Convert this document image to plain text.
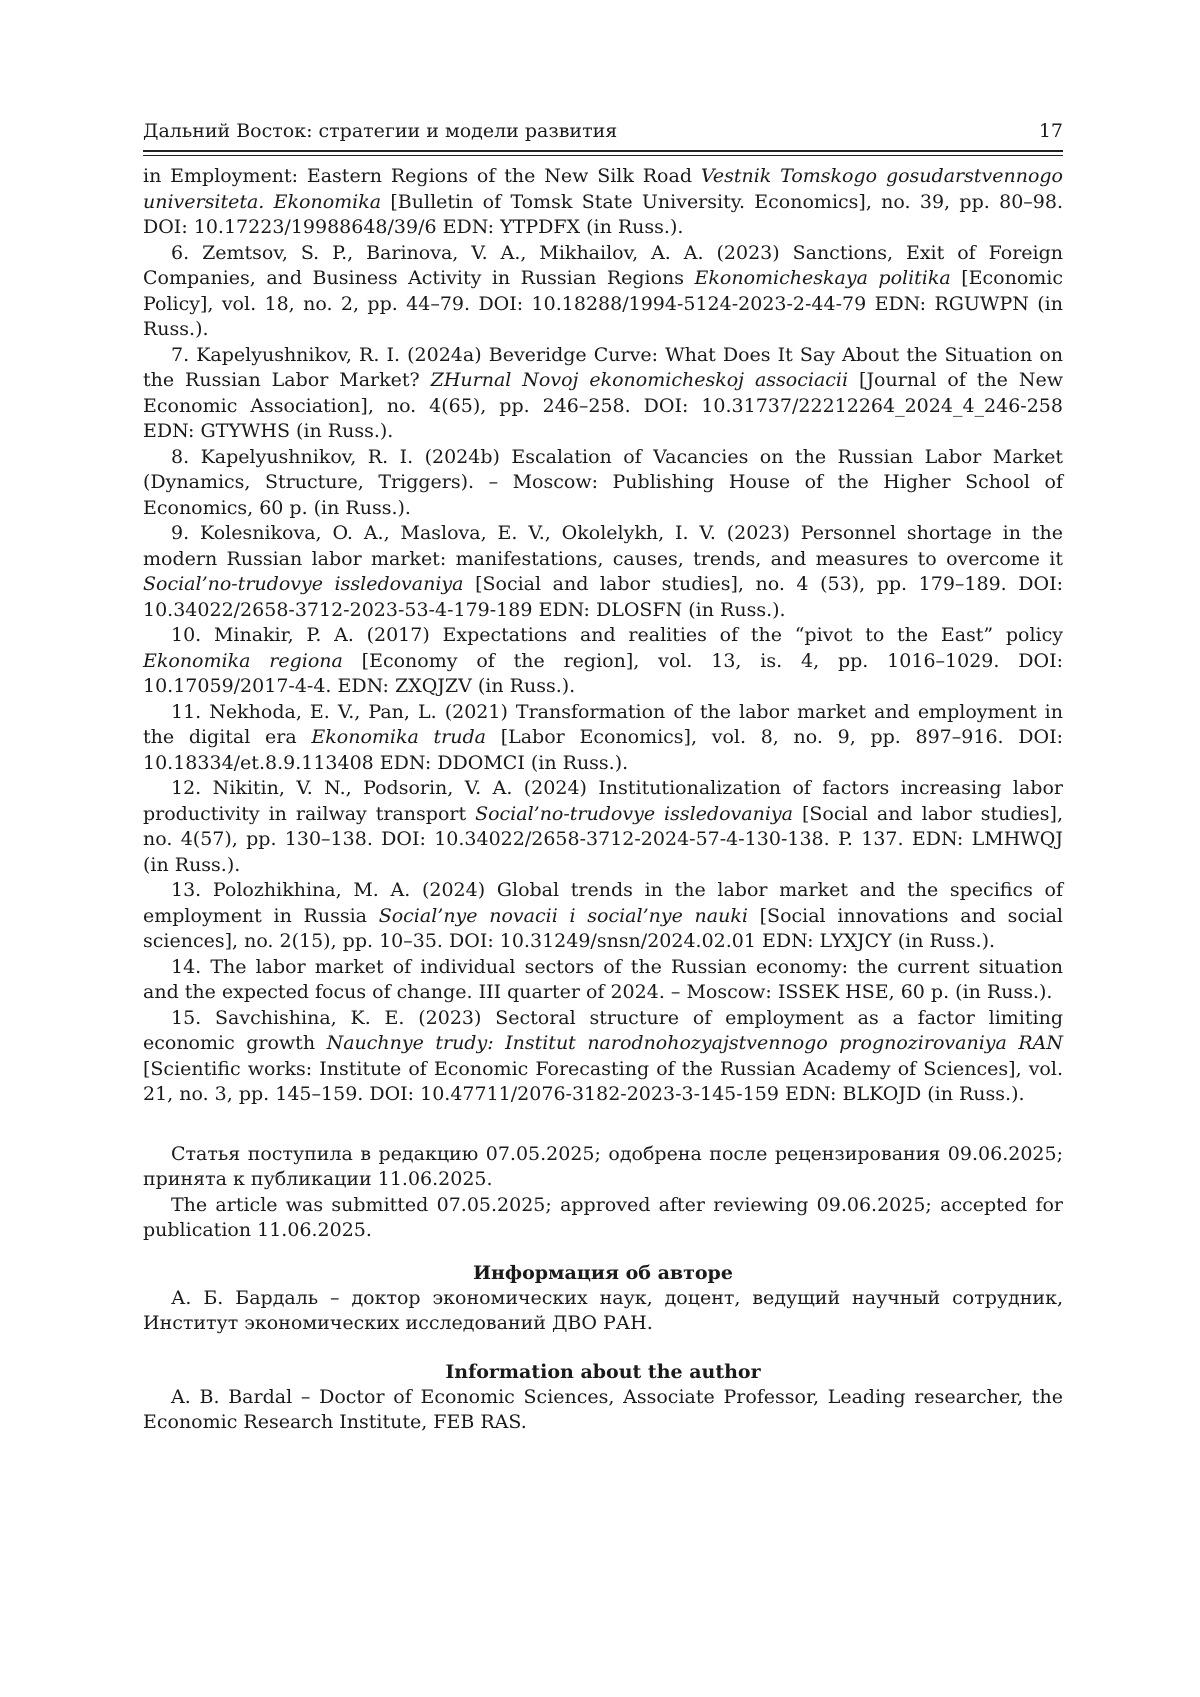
Дальний Восток: стратегии и модели развития	17

in Employment: Eastern Regions of the New Silk Road Vestnik Tomskogo gosudarstvennogo universiteta. Ekonomika [Bulletin of Tomsk State University. Economics], no. 39, pp. 80–98. DOI: 10.17223/19988648/39/6 EDN: YTPDFX (in Russ.).

6. Zemtsov, S. P., Barinova, V. A., Mikhailov, A. A. (2023) Sanctions, Exit of Foreign Companies, and Business Activity in Russian Regions Ekonomicheskaya politika [Economic Policy], vol. 18, no. 2, pp. 44–79. DOI: 10.18288/1994-5124-2023-2-44-79 EDN: RGUWPN (in Russ.).

7. Kapelyushnikov, R. I. (2024a) Beveridge Curve: What Does It Say About the Situation on the Russian Labor Market? ZHurnal Novoj ekonomicheskoj associacii [Journal of the New Economic Association], no. 4(65), pp. 246–258. DOI: 10.31737/22212264_2024_4_246-258 EDN: GTYWHS (in Russ.).

8. Kapelyushnikov, R. I. (2024b) Escalation of Vacancies on the Russian Labor Market (Dynamics, Structure, Triggers). – Moscow: Publishing House of the Higher School of Economics, 60 p. (in Russ.).

9. Kolesnikova, O. A., Maslova, E. V., Okolelykh, I. V. (2023) Personnel shortage in the modern Russian labor market: manifestations, causes, trends, and measures to overcome it Social’no-trudovye issledovaniya [Social and labor studies], no. 4 (53), pp. 179–189. DOI: 10.34022/2658-3712-2023-53-4-179-189 EDN: DLOSFN (in Russ.).

10. Minakir, P. A. (2017) Expectations and realities of the “pivot to the East” policy Ekonomika regiona [Economy of the region], vol. 13, is. 4, pp. 1016–1029. DOI: 10.17059/2017-4-4. EDN: ZXQJZV (in Russ.).

11. Nekhoda, E. V., Pan, L. (2021) Transformation of the labor market and employment in the digital era Ekonomika truda [Labor Economics], vol. 8, no. 9, pp. 897–916. DOI: 10.18334/et.8.9.113408 EDN: DDOMCI (in Russ.).

12. Nikitin, V. N., Podsorin, V. A. (2024) Institutionalization of factors increasing labor productivity in railway transport Social’no-trudovye issledovaniya [Social and labor studies], no. 4(57), pp. 130–138. DOI: 10.34022/2658-3712-2024-57-4-130-138. P. 137. EDN: LMHWQJ (in Russ.).

13. Polozhikhina, M. A. (2024) Global trends in the labor market and the specifics of employment in Russia Social’nye novacii i social’nye nauki [Social innovations and social sciences], no. 2(15), pp. 10–35. DOI: 10.31249/snsn/2024.02.01 EDN: LYXJCY (in Russ.).

14. The labor market of individual sectors of the Russian economy: the current situation and the expected focus of change. III quarter of 2024. – Moscow: ISSEK HSE, 60 p. (in Russ.).

15. Savchishina, K. E. (2023) Sectoral structure of employment as a factor limiting economic growth Nauchnye trudy: Institut narodnohozyajstvennogo prognozirovaniya RAN [Scientific works: Institute of Economic Forecasting of the Russian Academy of Sciences], vol. 21, no. 3, pp. 145–159. DOI: 10.47711/2076-3182-2023-3-145-159 EDN: BLKOJD (in Russ.).

Статья поступила в редакцию 07.05.2025; одобрена после рецензирования 09.06.2025; принята к публикации 11.06.2025.

The article was submitted 07.05.2025; approved after reviewing 09.06.2025; accepted for publication 11.06.2025.

Информация об авторе

А. Б. Бардаль – доктор экономических наук, доцент, ведущий научный сотрудник, Институт экономических исследований ДВО РАН.

Information about the author

A. B. Bardal – Doctor of Economic Sciences, Associate Professor, Leading researcher, the Economic Research Institute, FEB RAS.
